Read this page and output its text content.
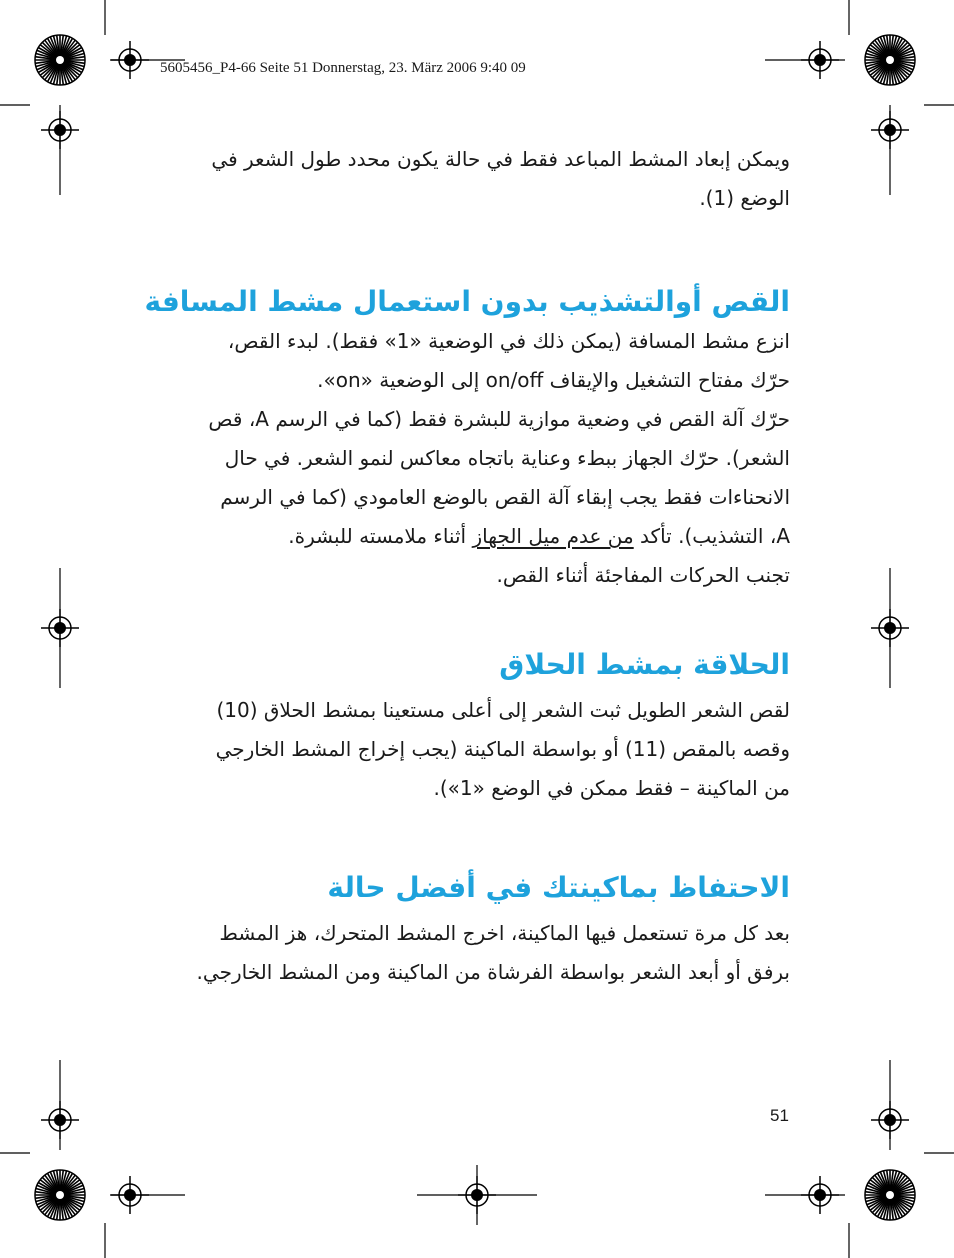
5605456_P4-66 Seite 51 Donnerstag, 23. März 2006 9:40 09

ويمكن إبعاد المشط المباعد فقط في حالة يكون محدد طول الشعر في
الوضع (1).

القص أوالتشذيب بدون استعمال مشط المسافة

انزع مشط المسافة (يمكن ذلك في الوضعية «1» فقط). لبدء القص،
حرّك مفتاح التشغيل والإيقاف on/off إلى الوضعية «on».
حرّك آلة القص في وضعية موازية للبشرة فقط (كما في الرسم A، قص
الشعر). حرّك الجهاز ببطء وعناية باتجاه معاكس لنمو الشعر. في حال
الانحناءات فقط يجب إبقاء آلة القص بالوضع العامودي (كما في الرسم
A، التشذيب). تأكد من عدم ميل الجهاز أثناء ملامسته للبشرة.
تجنب الحركات المفاجئة أثناء القص.

الحلاقة بمشط الحلاق

لقص الشعر الطويل ثبت الشعر إلى أعلى مستعينا بمشط الحلاق (10)
وقصه بالمقص (11) أو بواسطة الماكينة (يجب إخراج المشط الخارجي
من الماكينة – فقط ممكن في الوضع «1»).

الاحتفاظ بماكينتك في أفضل حالة

بعد كل مرة تستعمل فيها الماكينة، اخرج المشط المتحرك، هز المشط
برفق أو أبعد الشعر بواسطة الفرشاة من الماكينة ومن المشط الخارجي.

51
